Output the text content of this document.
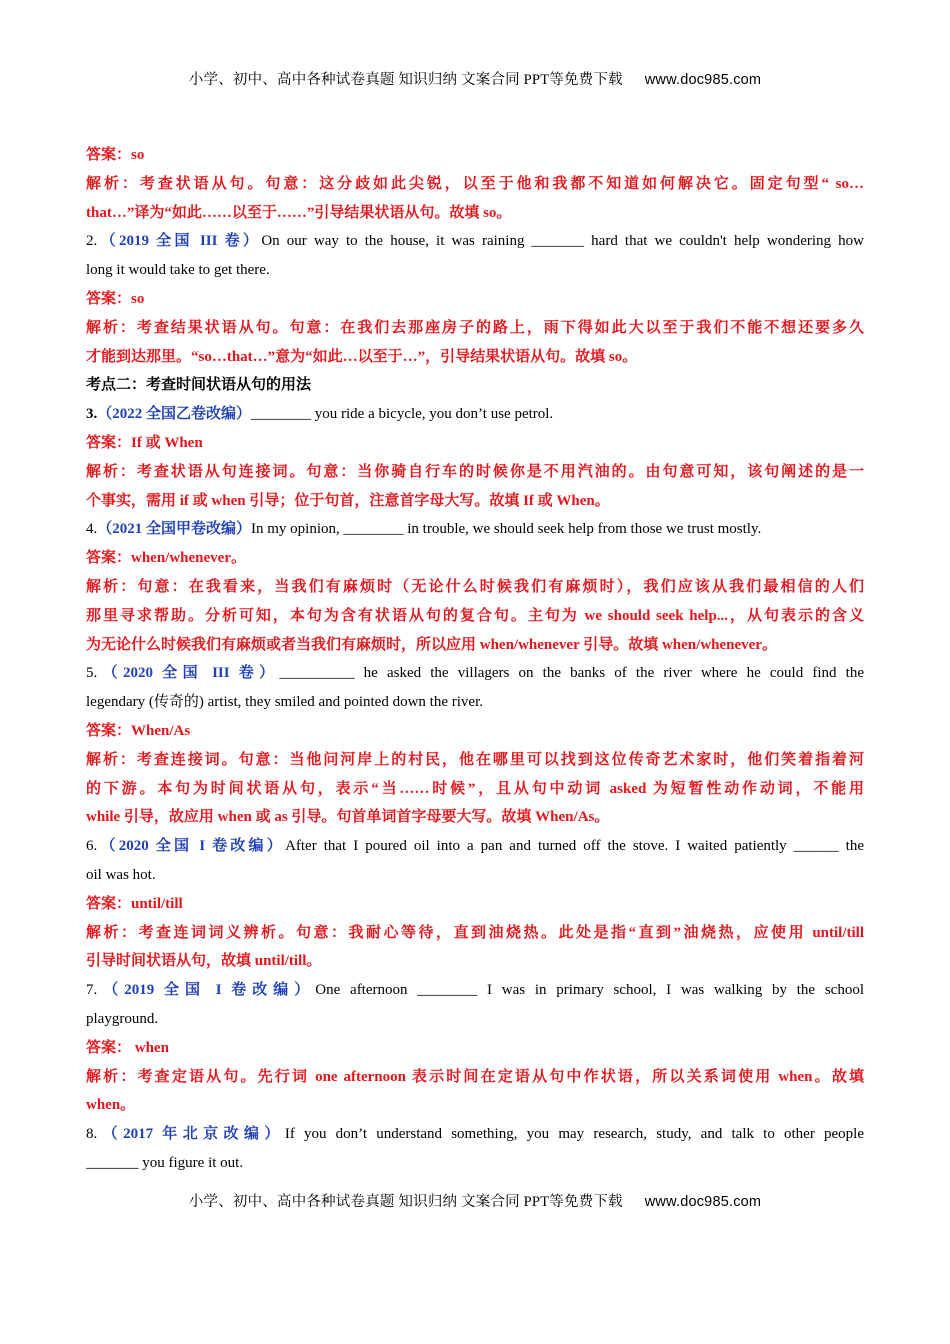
小学、初中、高中各种试卷真题 知识归纳 文案合同 PPT等免费下载 www.doc985.com
答案：so
解析：考查状语从句。句意：这分歧如此尖锐，以至于他和我都不知道如何解决它。固定句型“ so…
that…”译为“如此……以至于……”引导结果状语从句。故填 so。
2.（2019 全国 III 卷）On our way to the house, it was raining _______ hard that we couldn't help wondering how
long it would take to get there.
答案：so
解析：考查结果状语从句。句意：在我们去那座房子的路上，雨下得如此大以至于我们不能不想还要多久
才能到达那里。“so…that…”意为“如此…以至于…”，引导结果状语从句。故填 so。
考点二：考查时间状语从句的用法
3.（2022 全国乙卷改编）________ you ride a bicycle, you don’t use petrol.
答案：If 或 When
解析：考查状语从句连接词。句意：当你骑自行车的时候你是不用汽油的。由句意可知，该句阐述的是一
个事实，需用 if 或 when 引导；位于句首，注意首字母大写。故填 If 或 When。
4.（2021 全国甲卷改编）In my opinion, ________ in trouble, we should seek help from those we trust mostly.
答案：when/whenever。
解析：句意：在我看来，当我们有麻烦时（无论什么时候我们有麻烦时），我们应该从我们最相信的人们
那里寻求帮助。分析可知，本句为含有状语从句的复合句。主句为 we should seek help...，从句表示的含义
为无论什么时候我们有麻烦或者当我们有麻烦时，所以应用 when/whenever 引导。故填 when/whenever。
5.（2020 全国 III 卷）__________ he asked the villagers on the banks of the river where he could find the
legendary (传奇的) artist, they smiled and pointed down the river.
答案：When/As
解析：考查连接词。句意：当他问河岸上的村民，他在哪里可以找到这位传奇艺术家时，他们笑着指着河
的下游。本句为时间状语从句，表示“当……时候”，且从句中动词 asked 为短暂性动作动词，不能用
while 引导，故应用 when 或 as 引导。句首单词首字母要大写。故填 When/As。
6.（2020 全国 I 卷改编）After that I poured oil into a pan and turned off the stove. I waited patiently ______ the
oil was hot.
答案：until/till
解析：考查连词词义辨析。句意：我耐心等待，直到油烧热。此处是指“直到”油烧热，应使用 until/till
引导时间状语从句，故填 until/till。
7.（2019 全国 I 卷改编）One afternoon ________ I was in primary school, I was walking by the school
playground.
答案： when
解析：考查定语从句。先行词 one afternoon 表示时间在定语从句中作状语，所以关系词使用 when。故填
when。
8.（2017 年北京改编）If you don’t understand something, you may research, study, and talk to other people
_______ you figure it out.
小学、初中、高中各种试卷真题 知识归纳 文案合同 PPT等免费下载 www.doc985.com
